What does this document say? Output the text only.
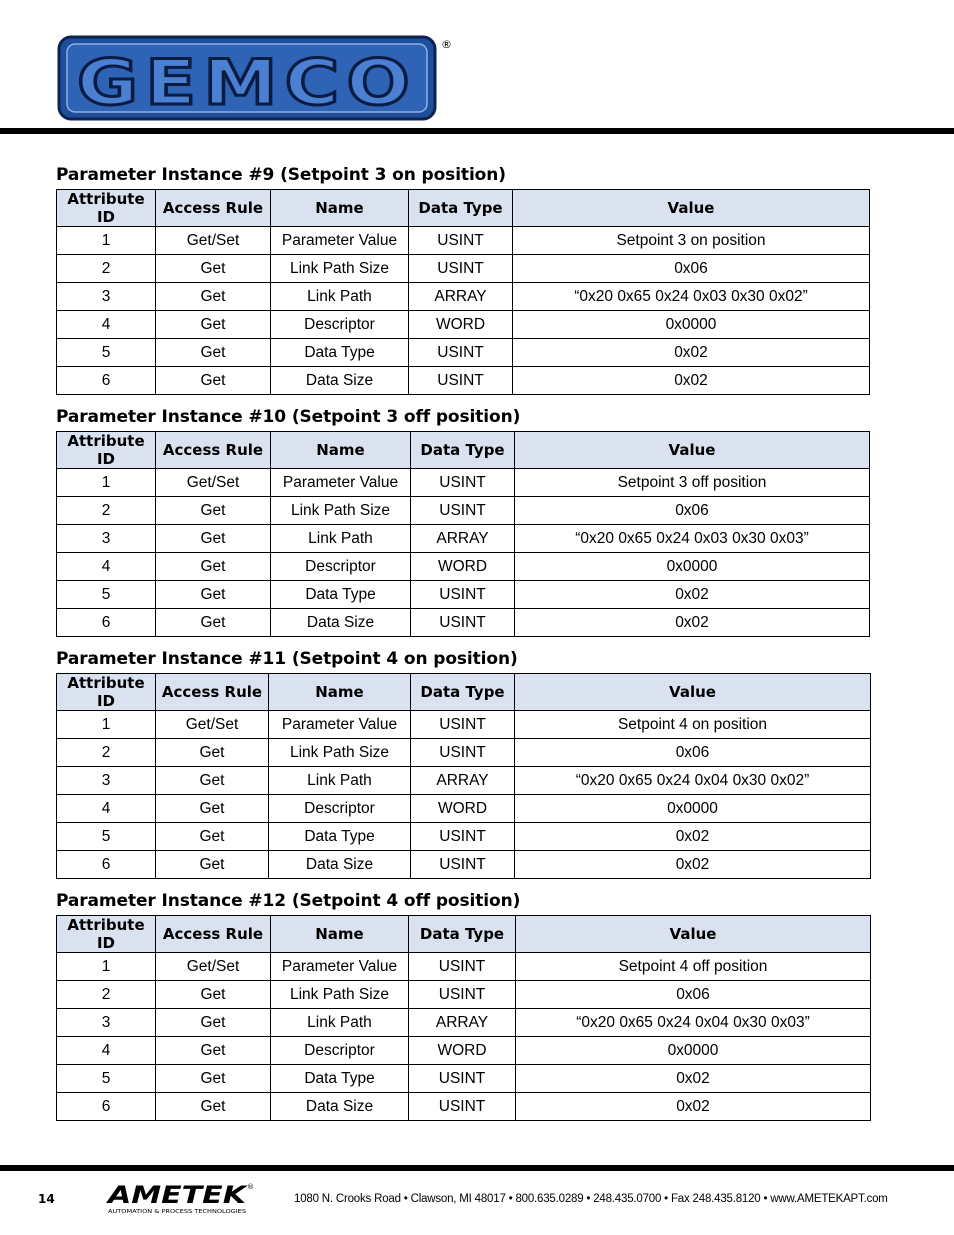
GEMCO
®
Parameter Instance #9 (Setpoint 3 on position)
Attribute ID	Access Rule	Name	Data Type	Value
1	Get/Set	Parameter Value	USINT	Setpoint 3 on position
2	Get	Link Path Size	USINT	0x06
3	Get	Link Path	ARRAY	“0x20 0x65 0x24 0x03 0x30 0x02”
4	Get	Descriptor	WORD	0x0000
5	Get	Data Type	USINT	0x02
6	Get	Data Size	USINT	0x02
Parameter Instance #10 (Setpoint 3 off position)
Attribute ID	Access Rule	Name	Data Type	Value
1	Get/Set	Parameter Value	USINT	Setpoint 3 off position
2	Get	Link Path Size	USINT	0x06
3	Get	Link Path	ARRAY	“0x20 0x65 0x24 0x03 0x30 0x03”
4	Get	Descriptor	WORD	0x0000
5	Get	Data Type	USINT	0x02
6	Get	Data Size	USINT	0x02
Parameter Instance #11 (Setpoint 4 on position)
Attribute ID	Access Rule	Name	Data Type	Value
1	Get/Set	Parameter Value	USINT	Setpoint 4 on position
2	Get	Link Path Size	USINT	0x06
3	Get	Link Path	ARRAY	“0x20 0x65 0x24 0x04 0x30 0x02”
4	Get	Descriptor	WORD	0x0000
5	Get	Data Type	USINT	0x02
6	Get	Data Size	USINT	0x02
Parameter Instance #12 (Setpoint 4 off position)
Attribute ID	Access Rule	Name	Data Type	Value
1	Get/Set	Parameter Value	USINT	Setpoint 4 off position
2	Get	Link Path Size	USINT	0x06
3	Get	Link Path	ARRAY	“0x20 0x65 0x24 0x04 0x30 0x03”
4	Get	Descriptor	WORD	0x0000
5	Get	Data Type	USINT	0x02
6	Get	Data Size	USINT	0x02
14 AMETEK
®
AUTOMATION & PROCESS TECHNOLOGIES
1080 N. Crooks Road • Clawson, MI 48017 • 800.635.0289 • 248.435.0700 • Fax 248.435.8120 • www.AMETEKAPT.com
